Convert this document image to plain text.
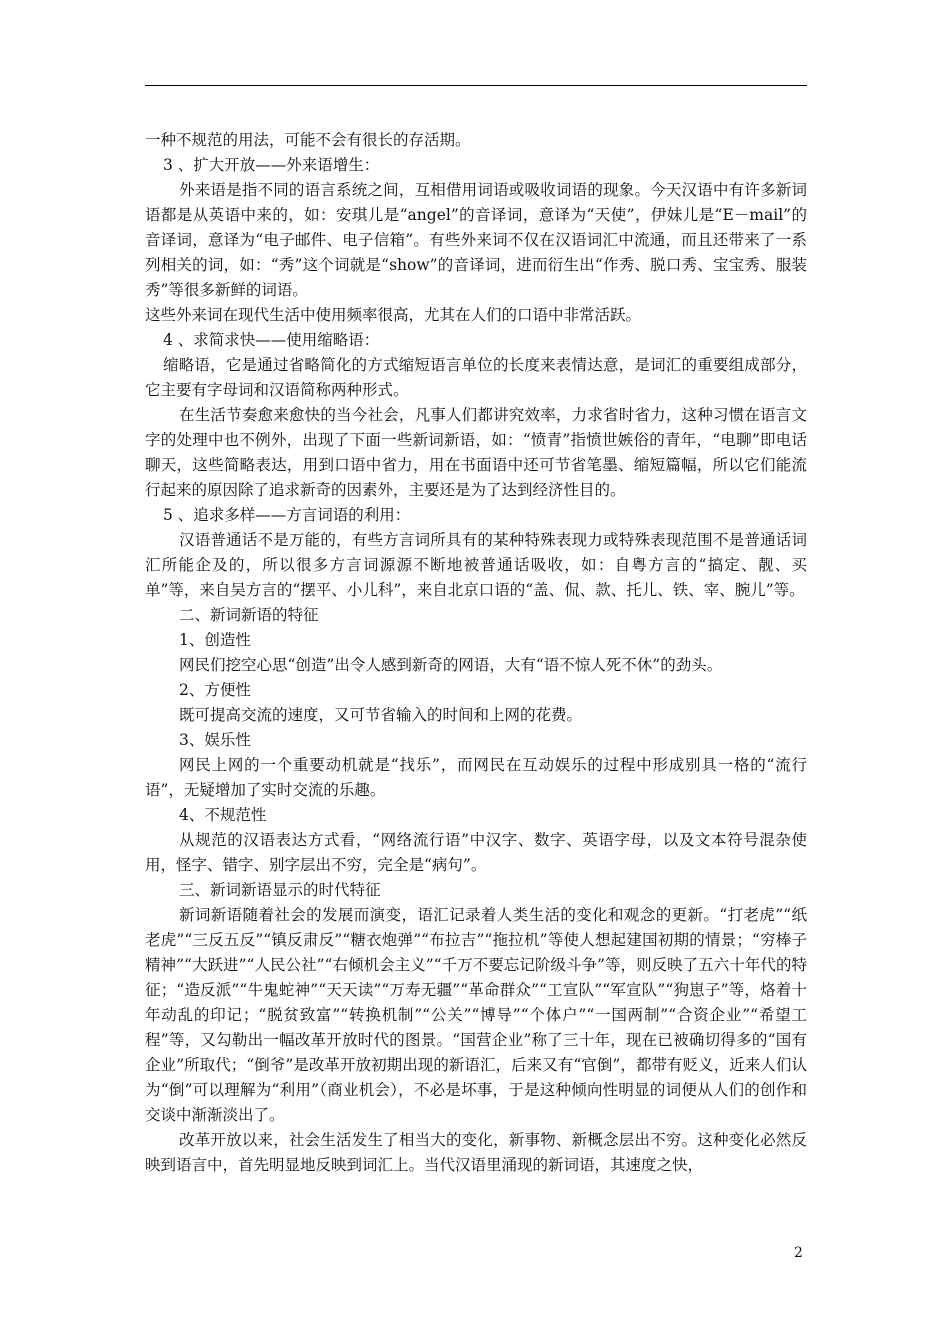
一种不规范的用法，可能不会有很长的存活期。

3 、扩大开放——外来语增生：

外来语是指不同的语言系统之间，互相借用词语或吸收词语的现象。今天汉语中有许多新词语都是从英语中来的，如：安琪儿是“angel”的音译词，意译为“天使”，伊妹儿是“E－mail”的音译词，意译为“电子邮件、电子信箱”。有些外来词不仅在汉语词汇中流通，而且还带来了一系列相关的词，如：“秀”这个词就是“show”的音译词，进而衍生出“作秀、脱口秀、宝宝秀、服装秀”等很多新鲜的词语。

这些外来词在现代生活中使用频率很高，尤其在人们的口语中非常活跃。

4 、求简求快——使用缩略语：

缩略语，它是通过省略简化的方式缩短语言单位的长度来表情达意，是词汇的重要组成部分，它主要有字母词和汉语简称两种形式。

在生活节奏愈来愈快的当今社会，凡事人们都讲究效率，力求省时省力，这种习惯在语言文字的处理中也不例外，出现了下面一些新词新语，如：“愤青”指愤世嫉俗的青年，“电聊”即电话聊天，这些简略表达，用到口语中省力，用在书面语中还可节省笔墨、缩短篇幅，所以它们能流行起来的原因除了追求新奇的因素外，主要还是为了达到经济性目的。

5 、追求多样——方言词语的利用：

汉语普通话不是万能的，有些方言词所具有的某种特殊表现力或特殊表现范围不是普通话词汇所能企及的，所以很多方言词源源不断地被普通话吸收，如：自粤方言的“搞定、靓、买单”等，来自吴方言的“摆平、小儿科”，来自北京口语的“盖、侃、款、托儿、铁、宰、腕儿”等。

二、新词新语的特征

1、创造性

网民们挖空心思“创造”出令人感到新奇的网语，大有“语不惊人死不休”的劲头。

2、方便性

既可提高交流的速度，又可节省输入的时间和上网的花费。

3、娱乐性

网民上网的一个重要动机就是“找乐”，而网民在互动娱乐的过程中形成别具一格的“流行语”，无疑增加了实时交流的乐趣。

4、不规范性

从规范的汉语表达方式看，“网络流行语”中汉字、数字、英语字母，以及文本符号混杂使用，怪字、错字、别字层出不穷，完全是“病句”。

三、新词新语显示的时代特征

新词新语随着社会的发展而演变，语汇记录着人类生活的变化和观念的更新。“打老虎”“纸老虎”“三反五反”“镇反肃反”“糖衣炮弹”“布拉吉”“拖拉机”等使人想起建国初期的情景；“穷棒子精神”“大跃进”“人民公社”“右倾机会主义”“千万不要忘记阶级斗争”等，则反映了五六十年代的特征；“造反派”“牛鬼蛇神”“天天读”“万寿无疆”“革命群众”“工宣队”“军宣队”“狗崽子”等，烙着十年动乱的印记；“脱贫致富”“转换机制”“公关”“博导”“个体户”“一国两制”“合资企业”“希望工程”等，又勾勒出一幅改革开放时代的图景。“国营企业”称了三十年，现在已被确切得多的“国有企业”所取代；“倒爷”是改革开放初期出现的新语汇，后来又有“官倒”，都带有贬义，近来人们认为“倒”可以理解为“利用”（商业机会），不必是坏事，于是这种倾向性明显的词便从人们的创作和交谈中渐渐淡出了。

改革开放以来，社会生活发生了相当大的变化，新事物、新概念层出不穷。这种变化必然反映到语言中，首先明显地反映到词汇上。当代汉语里涌现的新词语，其速度之快，

2
